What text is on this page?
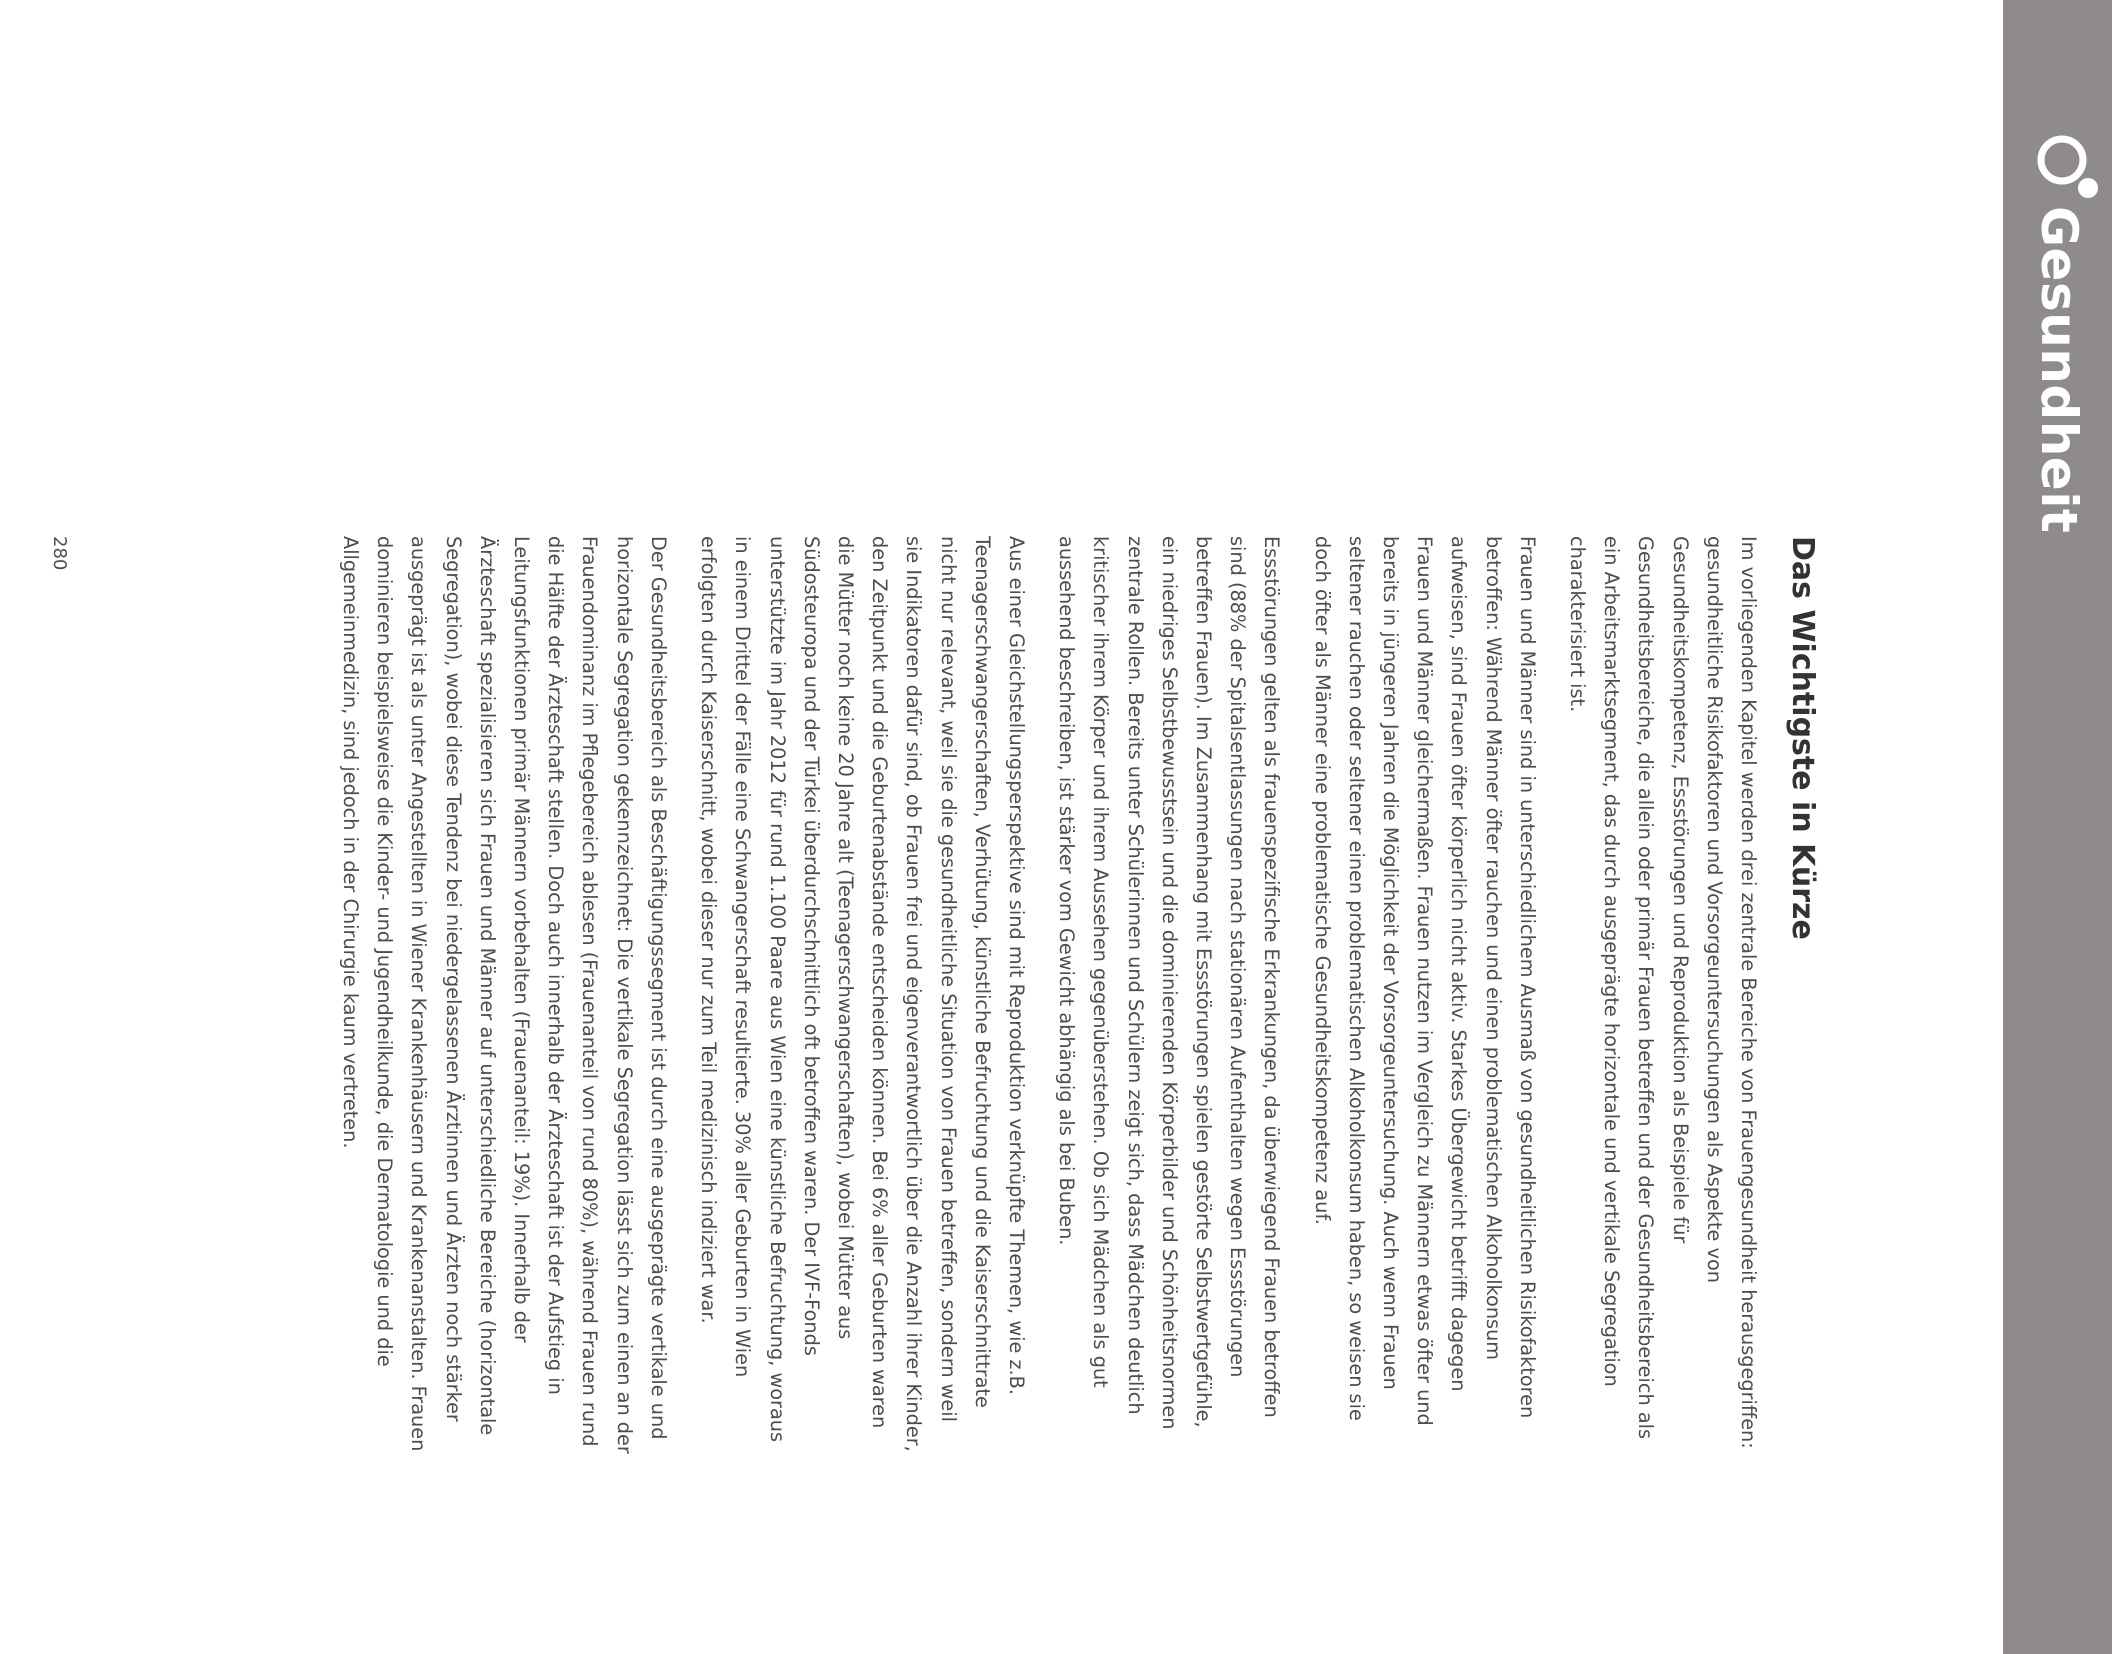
Gesundheit
Das Wichtigste in Kürze

Im vorliegenden Kapitel werden drei zentrale Bereiche von Frauengesundheit herausgegriffen: gesundheitliche Risikofaktoren und Vorsorgeuntersuchungen als Aspekte von Gesundheitskompetenz, Essstörungen und Reproduktion als Beispiele für Gesundheitsbereiche, die allein oder primär Frauen betreffen und der Gesundheitsbereich als ein Arbeitsmarktsegment, das durch ausgeprägte horizontale und vertikale Segregation charakterisiert ist.

Frauen und Männer sind in unterschiedlichem Ausmaß von gesundheitlichen Risikofaktoren betroffen: Während Männer öfter rauchen und einen problematischen Alkoholkonsum aufweisen, sind Frauen öfter körperlich nicht aktiv. Starkes Übergewicht betrifft dagegen Frauen und Männer gleichermaßen. Frauen nutzen im Vergleich zu Männern etwas öfter und bereits in jüngeren Jahren die Möglichkeit der Vorsorgeuntersuchung. Auch wenn Frauen seltener rauchen oder seltener einen problematischen Alkoholkonsum haben, so weisen sie doch öfter als Männer eine problematische Gesundheitskompetenz auf.

Essstörungen gelten als frauenspezifische Erkrankungen, da überwiegend Frauen betroffen sind (88% der Spitalsentlassungen nach stationären Aufenthalten wegen Essstörungen betreffen Frauen). Im Zusammenhang mit Essstörungen spielen gestörte Selbstwertgefühle, ein niedriges Selbstbewusstsein und die dominierenden Körperbilder und Schönheitsnormen zentrale Rollen. Bereits unter Schülerinnen und Schülern zeigt sich, dass Mädchen deutlich kritischer ihrem Körper und ihrem Aussehen gegenüberstehen. Ob sich Mädchen als gut aussehend beschreiben, ist stärker vom Gewicht abhängig als bei Buben.

Aus einer Gleichstellungsperspektive sind mit Reproduktion verknüpfte Themen, wie z.B. Teenagerschwangerschaften, Verhütung, künstliche Befruchtung und die Kaiserschnittrate nicht nur relevant, weil sie die gesundheitliche Situation von Frauen betreffen, sondern weil sie Indikatoren dafür sind, ob Frauen frei und eigenverantwortlich über die Anzahl ihrer Kinder, den Zeitpunkt und die Geburtenabstände entscheiden können. Bei 6% aller Geburten waren die Mütter noch keine 20 Jahre alt (Teenagerschwangerschaften), wobei Mütter aus Südosteuropa und der Türkei überdurchschnittlich oft betroffen waren. Der IVF-Fonds unterstützte im Jahr 2012 für rund 1.100 Paare aus Wien eine künstliche Befruchtung, woraus in einem Drittel der Fälle eine Schwangerschaft resultierte. 30% aller Geburten in Wien erfolgten durch Kaiserschnitt, wobei dieser nur zum Teil medizinisch indiziert war.

Der Gesundheitsbereich als Beschäftigungssegment ist durch eine ausgeprägte vertikale und horizontale Segregation gekennzeichnet: Die vertikale Segregation lässt sich zum einen an der Frauendominanz im Pflegebereich ablesen (Frauenanteil von rund 80%), während Frauen rund die Hälfte der Ärzteschaft stellen. Doch auch innerhalb der Ärzteschaft ist der Aufstieg in Leitungsfunktionen primär Männern vorbehalten (Frauenanteil: 19%). Innerhalb der Ärzteschaft spezialisieren sich Frauen und Männer auf unterschiedliche Bereiche (horizontale Segregation), wobei diese Tendenz bei niedergelassenen Ärztinnen und Ärzten noch stärker ausgeprägt ist als unter Angestellten in Wiener Krankenhäusern und Krankenanstalten. Frauen dominieren beispielsweise die Kinder- und Jugendheilkunde, die Dermatologie und die Allgemeinmedizin, sind jedoch in der Chirurgie kaum vertreten.

280
